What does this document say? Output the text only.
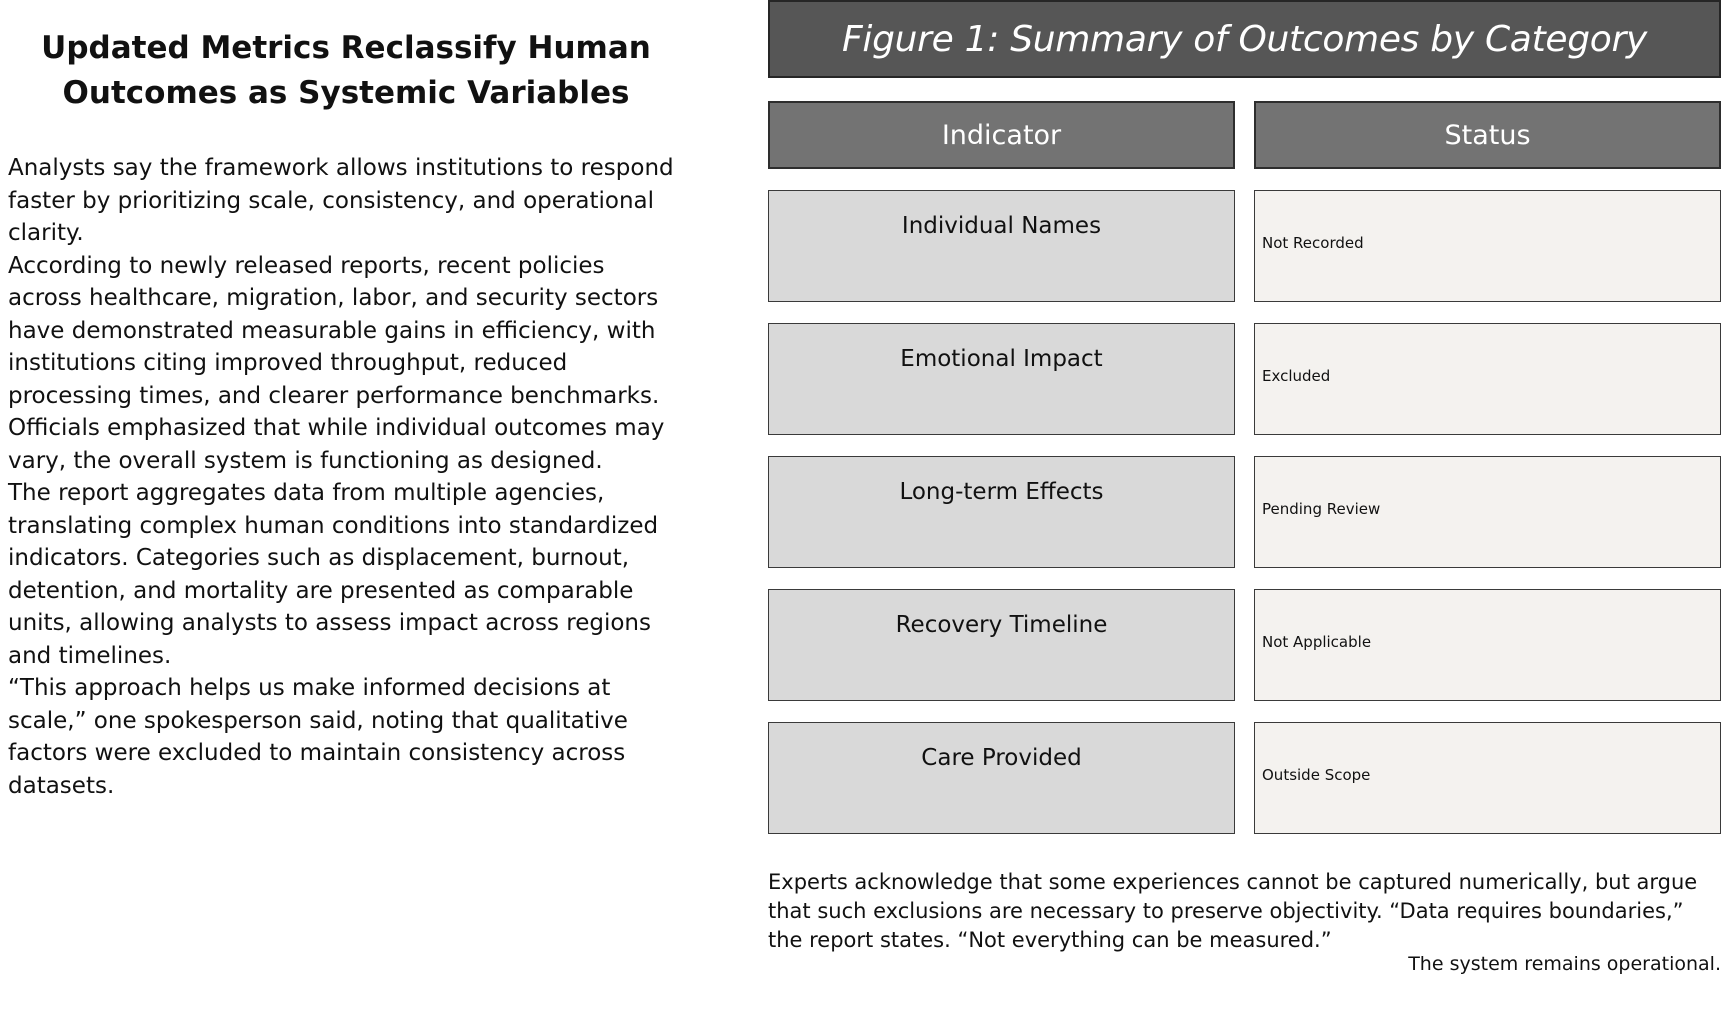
Updated Metrics Reclassify Human Outcomes as Systemic Variables

Analysts say the framework allows institutions to respond faster by prioritizing scale, consistency, and operational clarity.

According to newly released reports, recent policies across healthcare, migration, labor, and security sectors have demonstrated measurable gains in efficiency, with institutions citing improved throughput, reduced processing times, and clearer performance benchmarks. Officials emphasized that while individual outcomes may vary, the overall system is functioning as designed.

The report aggregates data from multiple agencies, translating complex human conditions into standardized indicators. Categories such as displacement, burnout, detention, and mortality are presented as comparable units, allowing analysts to assess impact across regions and timelines.

“This approach helps us make informed decisions at scale,” one spokesperson said, noting that qualitative factors were excluded to maintain consistency across datasets.

Figure 1: Summary of Outcomes by Category
Indicator	Status
Individual Names
Not Recorded
Emotional Impact
Excluded
Long-term Effects
Pending Review
Recovery Timeline
Not Applicable
Care Provided
Outside Scope

Experts acknowledge that some experiences cannot be captured numerically, but argue that such exclusions are necessary to preserve objectivity. “Data requires boundaries,” the report states. “Not everything can be measured.”

The system remains operational.
